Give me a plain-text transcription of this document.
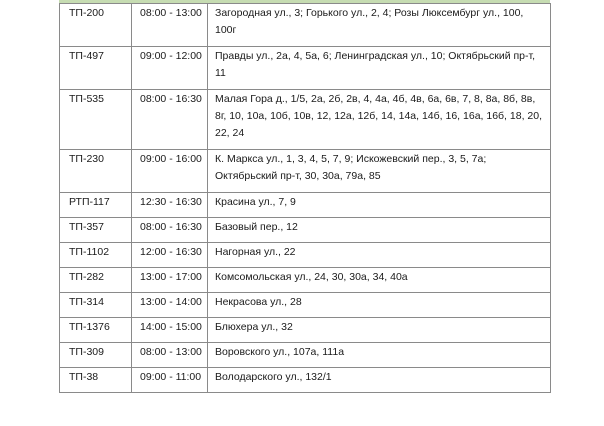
ТП-200	08:00 - 13:00	Загородная ул., 3; Горького ул., 2, 4; Розы Люксембург ул., 100, 100г
ТП-497	09:00 - 12:00	Правды ул., 2а, 4, 5а, 6; Ленинградская ул., 10; Октябрьский пр-т, 11
ТП-535	08:00 - 16:30	Малая Гора д., 1/5, 2а, 2б, 2в, 4, 4а, 4б, 4в, 6а, 6в, 7, 8, 8а, 8б, 8в, 8г, 10, 10а, 10б, 10в, 12, 12а, 12б, 14, 14а, 14б, 16, 16а, 16б, 18, 20, 22, 24
ТП-230	09:00 - 16:00	К. Маркса ул., 1, 3, 4, 5, 7, 9; Искожевский пер., 3, 5, 7а; Октябрьский пр-т, 30, 30а, 79а, 85
РТП-117	12:30 - 16:30	Красина ул., 7, 9
ТП-357	08:00 - 16:30	Базовый пер., 12
ТП-1102	12:00 - 16:30	Нагорная ул., 22
ТП-282	13:00 - 17:00	Комсомольская ул., 24, 30, 30а, 34, 40а
ТП-314	13:00 - 14:00	Некрасова ул., 28
ТП-1376	14:00 - 15:00	Блюхера ул., 32
ТП-309	08:00 - 13:00	Воровского ул., 107а, 111а
ТП-38	09:00 - 11:00	Володарского ул., 132/1
